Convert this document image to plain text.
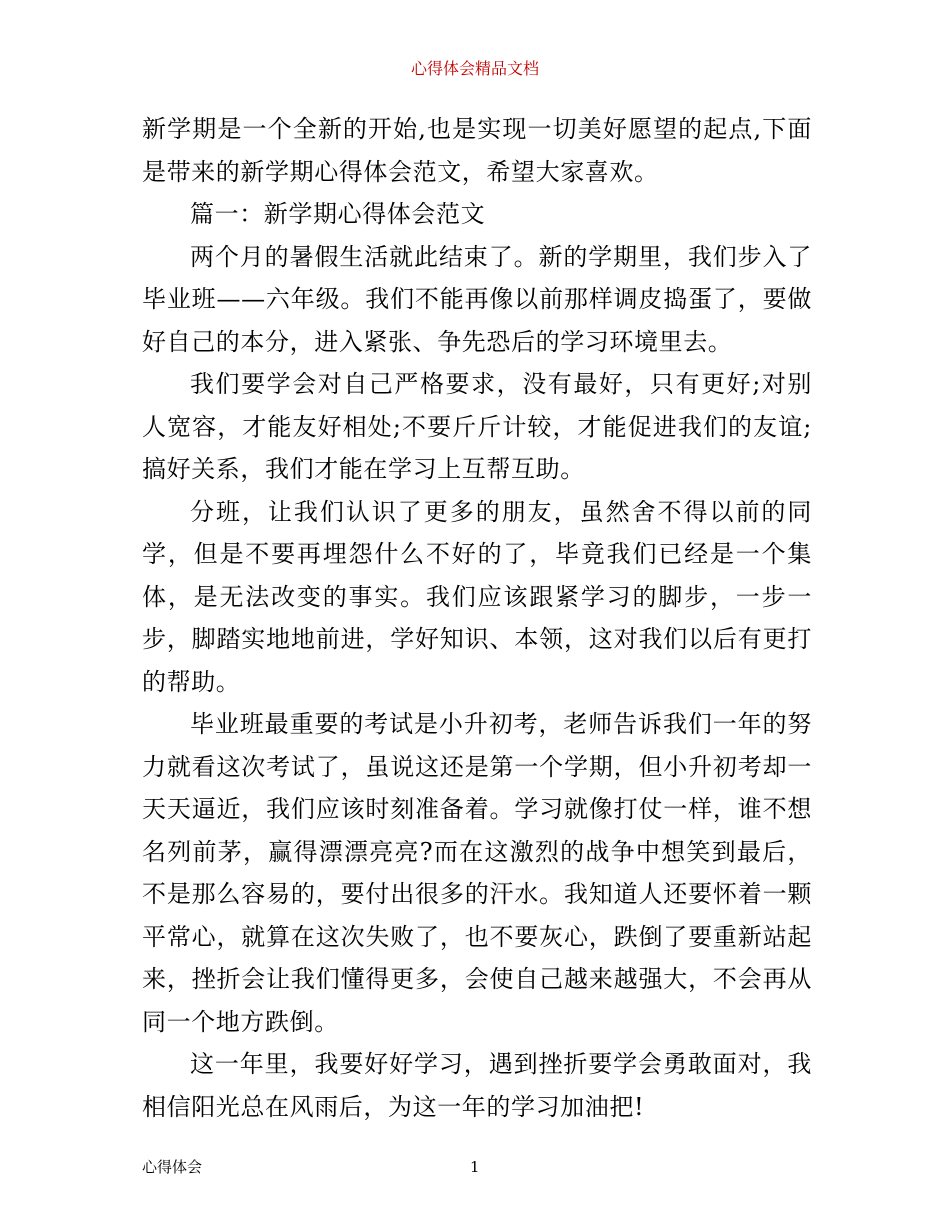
心得体会精品文档

新学期是一个全新的开始,也是实现一切美好愿望的起点,下面是带来的新学期心得体会范文，希望大家喜欢。

篇一：新学期心得体会范文

两个月的暑假生活就此结束了。新的学期里，我们步入了毕业班——六年级。我们不能再像以前那样调皮捣蛋了，要做好自己的本分，进入紧张、争先恐后的学习环境里去。

我们要学会对自己严格要求，没有最好，只有更好;对别人宽容，才能友好相处;不要斤斤计较，才能促进我们的友谊;搞好关系，我们才能在学习上互帮互助。

分班，让我们认识了更多的朋友，虽然舍不得以前的同学，但是不要再埋怨什么不好的了，毕竟我们已经是一个集体，是无法改变的事实。我们应该跟紧学习的脚步，一步一步，脚踏实地地前进，学好知识、本领，这对我们以后有更打的帮助。

毕业班最重要的考试是小升初考，老师告诉我们一年的努力就看这次考试了，虽说这还是第一个学期，但小升初考却一天天逼近，我们应该时刻准备着。学习就像打仗一样，谁不想名列前茅，赢得漂漂亮亮?而在这激烈的战争中想笑到最后，不是那么容易的，要付出很多的汗水。我知道人还要怀着一颗平常心，就算在这次失败了，也不要灰心，跌倒了要重新站起来，挫折会让我们懂得更多，会使自己越来越强大，不会再从同一个地方跌倒。

这一年里，我要好好学习，遇到挫折要学会勇敢面对，我相信阳光总在风雨后，为这一年的学习加油把!

心得体会	1
